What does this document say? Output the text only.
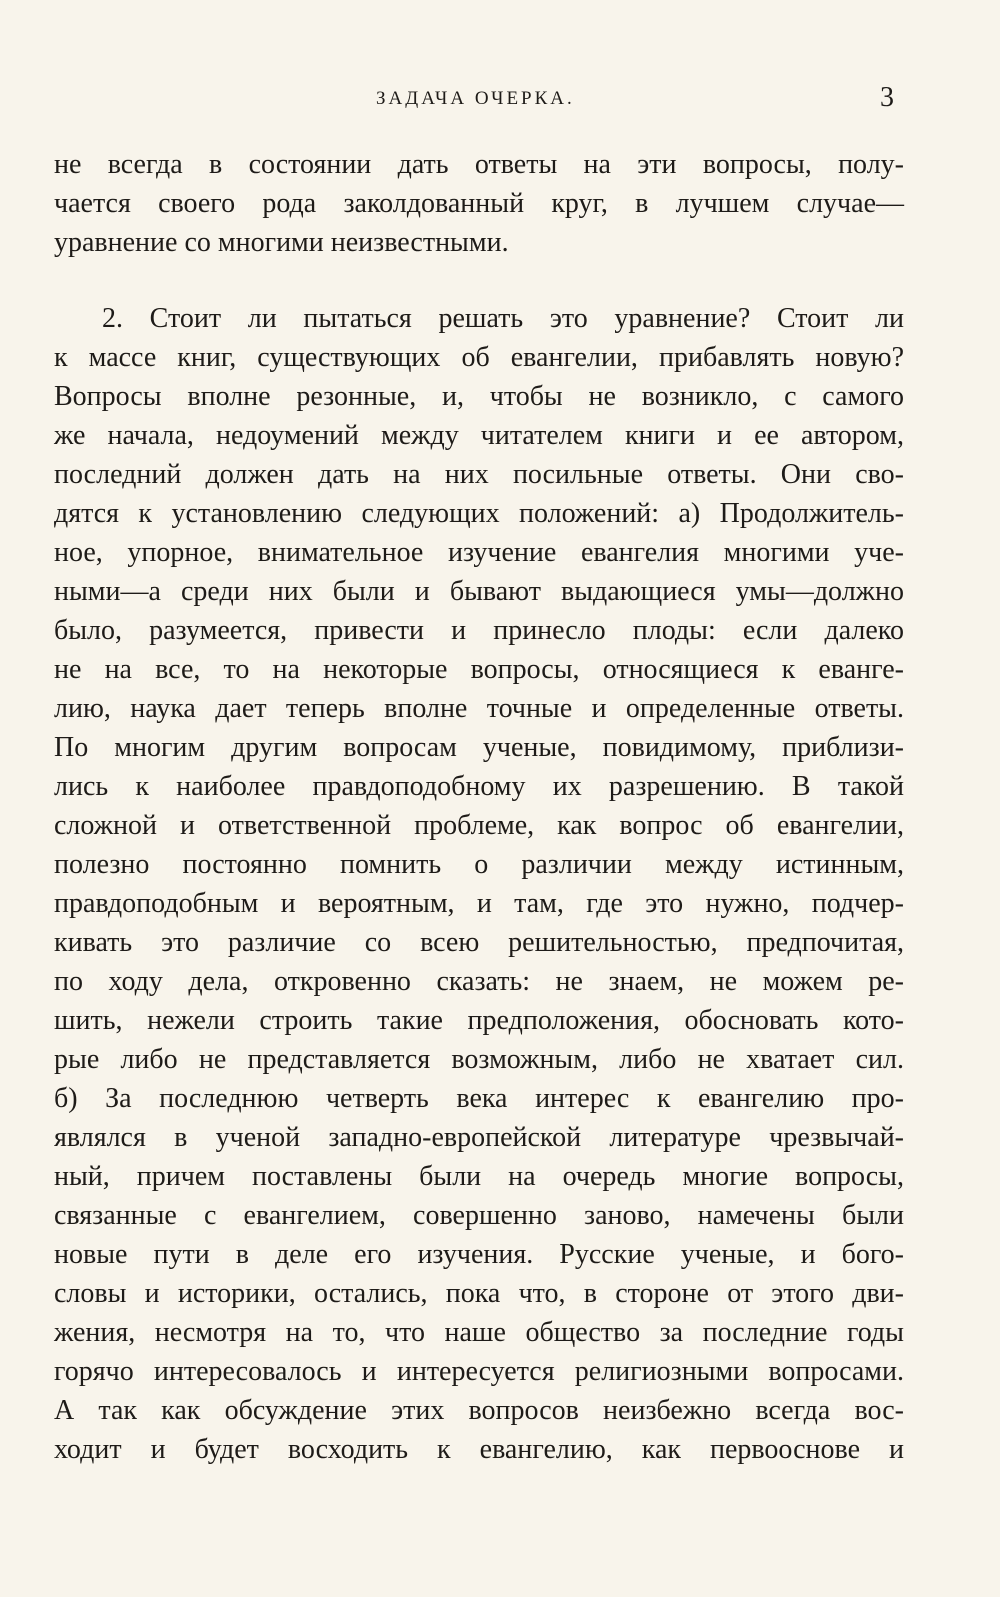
ЗАДАЧА ОЧЕРКА.	3
не всегда в состоянии дать ответы на эти вопросы, полу-
чается своего рода заколдованный круг, в лучшем случае—
уравнение со многими неизвестными.
2. Стоит ли пытаться решать это уравнение? Стоит ли
к массе книг, существующих об евангелии, прибавлять новую?
Вопросы вполне резонные, и, чтобы не возникло, с самого
же начала, недоумений между читателем книги и ее автором,
последний должен дать на них посильные ответы. Они сво-
дятся к установлению следующих положений: а) Продолжитель-
ное, упорное, внимательное изучение евангелия многими уче-
ными—а среди них были и бывают выдающиеся умы—должно
было, разумеется, привести и принесло плоды: если далеко
не на все, то на некоторые вопросы, относящиеся к еванге-
лию, наука дает теперь вполне точные и определенные ответы.
По многим другим вопросам ученые, повидимому, приблизи-
лись к наиболее правдоподобному их разрешению. В такой
сложной и ответственной проблеме, как вопрос об евангелии,
полезно постоянно помнить о различии между истинным,
правдоподобным и вероятным, и там, где это нужно, подчер-
кивать это различие со всею решительностью, предпочитая,
по ходу дела, откровенно сказать: не знаем, не можем ре-
шить, нежели строить такие предположения, обосновать кото-
рые либо не представляется возможным, либо не хватает сил.
б) За последнюю четверть века интерес к евангелию про-
являлся в ученой западно-европейской литературе чрезвычай-
ный, причем поставлены были на очередь многие вопросы,
связанные с евангелием, совершенно заново, намечены были
новые пути в деле его изучения. Русские ученые, и бого-
словы и историки, остались, пока что, в стороне от этого дви-
жения, несмотря на то, что наше общество за последние годы
горячо интересовалось и интересуется религиозными вопросами.
А так как обсуждение этих вопросов неизбежно всегда вос-
ходит и будет восходить к евангелию, как первооснове и
